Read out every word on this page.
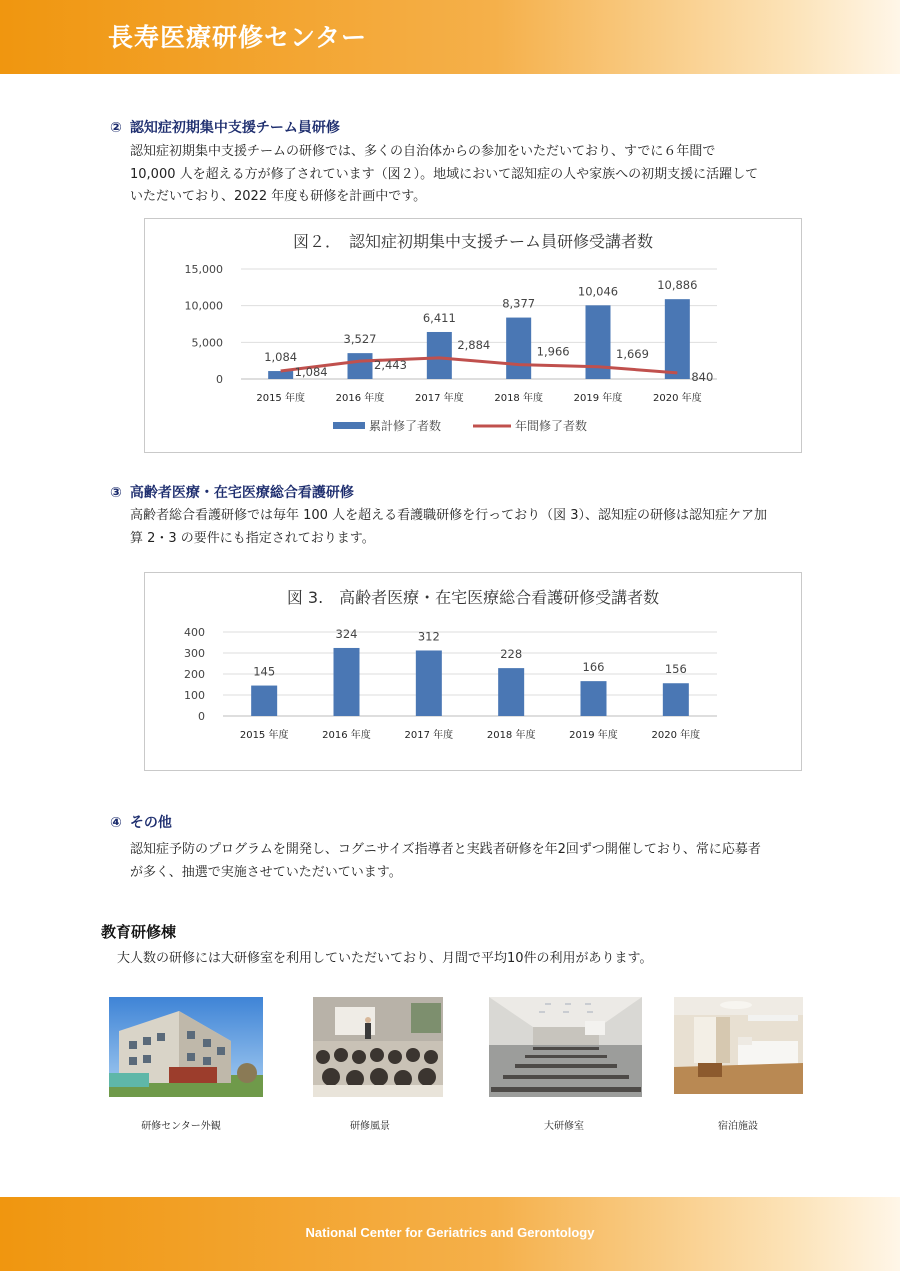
長寿医療研修センター
② 認知症初期集中支援チーム員研修
認知症初期集中支援チームの研修では、多くの自治体からの参加をいただいており、すでに６年間で
10,000 人を超える方が修了されています（図２）。地域において認知症の人や家族への初期支援に活躍して
いただいており、2022 年度も研修を計画中です。
図２．　認知症初期集中支援チーム員研修受講者数
0
5,000
10,000
15,000
2015 年度	2016 年度	2017 年度	2018 年度	2019 年度	2020 年度
1,084
3,527
6,411
8,377
10,046	10,886
1,084	2,443
2,884	1,966	1,669
840
累計修了者数	年間修了者数
③ 高齢者医療・在宅医療総合看護研修
高齢者総合看護研修では毎年 100 人を超える看護職研修を行っており（図 3）、認知症の研修は認知症ケア加
算 2・3 の要件にも指定されております。
図 3.　高齢者医療・在宅医療総合看護研修受講者数
0
100
200
300
400
2015 年度	2016 年度	2017 年度	2018 年度	2019 年度	2020 年度
145
324	312
228
166	156
④ その他
認知症予防のプログラムを開発し、コグニサイズ指導者と実践者研修を年2回ずつ開催しており、常に応募者
が多く、抽選で実施させていただいています。
教育研修棟
大人数の研修には大研修室を利用していただいており、月間で平均10件の利用があります。
研修センター外観	研修風景	大研修室	宿泊施設
National Center for Geriatrics and Gerontology
